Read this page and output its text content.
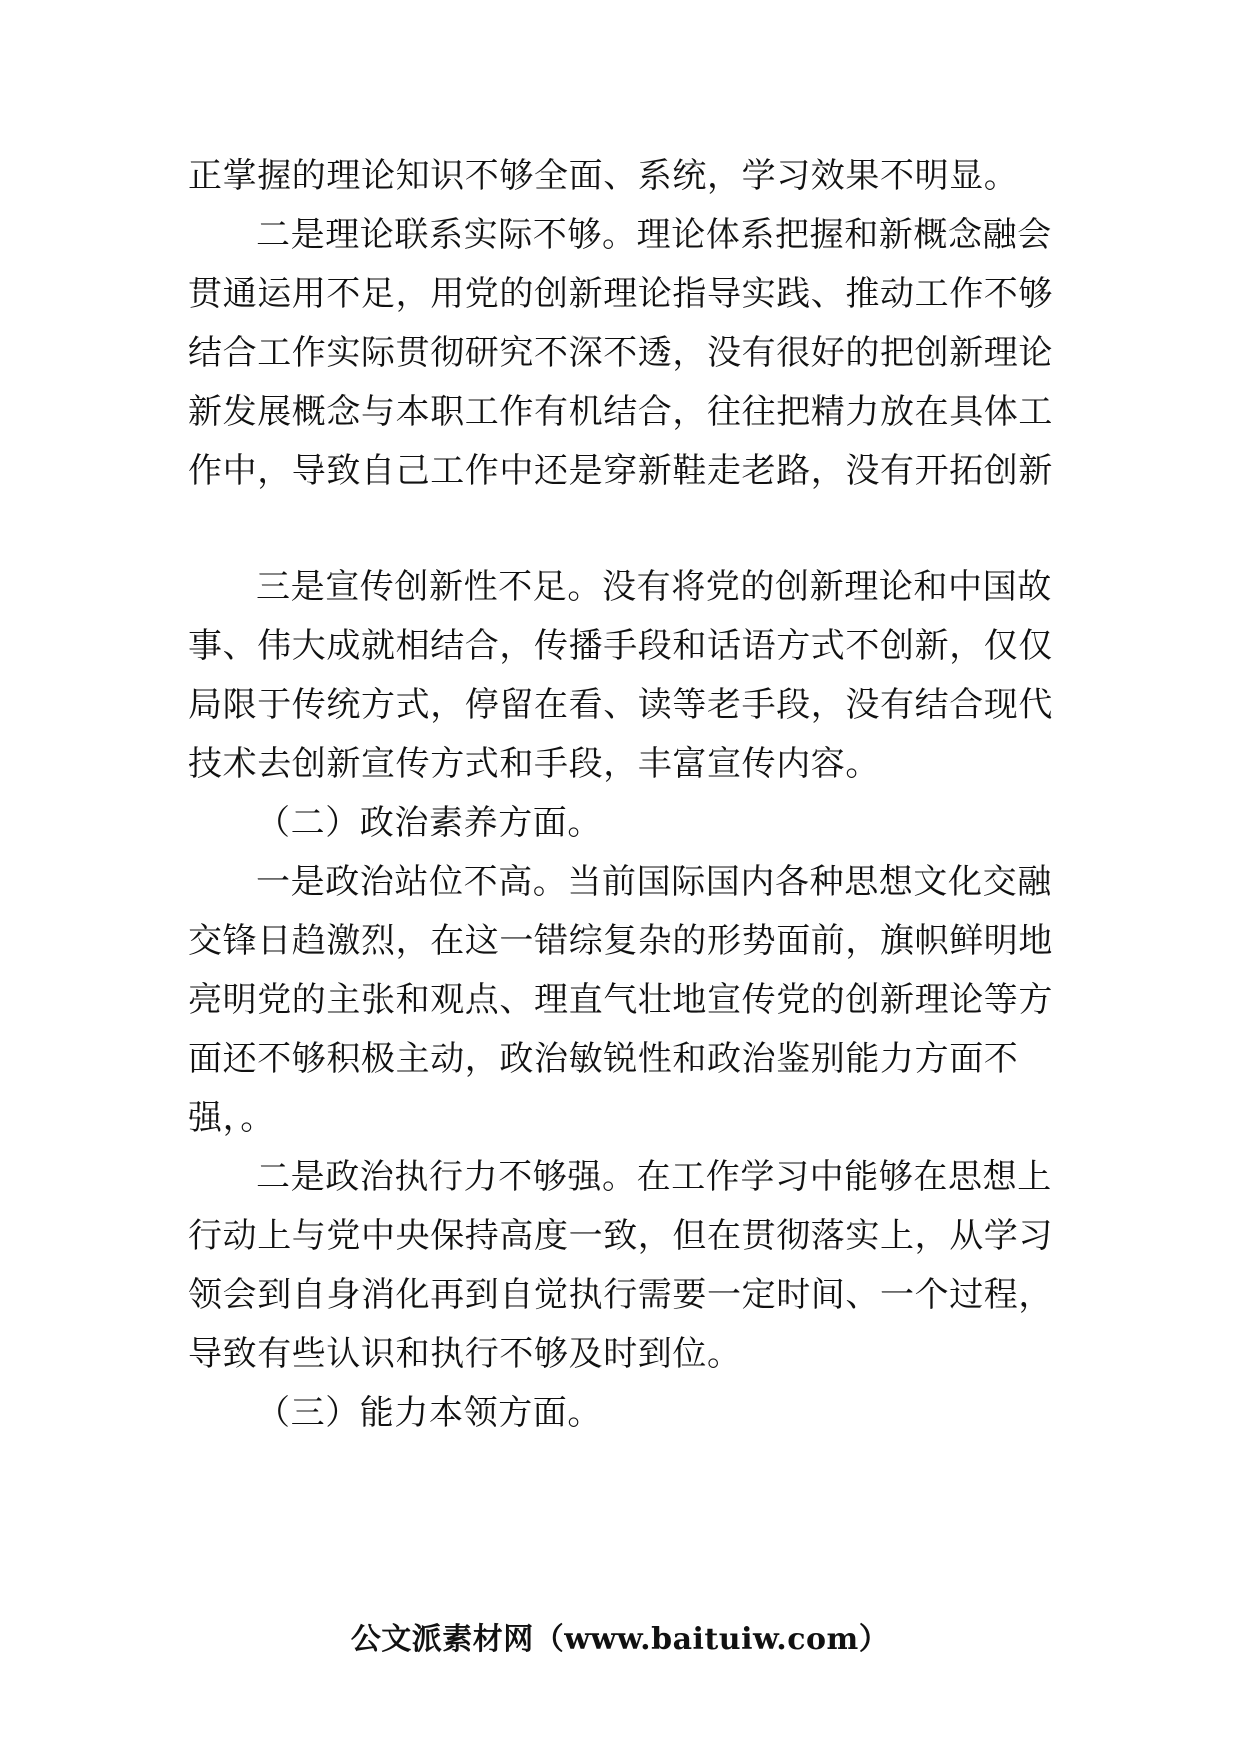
正掌握的理论知识不够全面、系统，学习效果不明显。
二是理论联系实际不够。理论体系把握和新概念融会
贯通运用不足，用党的创新理论指导实践、推动工作不够
结合工作实际贯彻研究不深不透，没有很好的把创新理论
新发展概念与本职工作有机结合，往往把精力放在具体工
作中，导致自己工作中还是穿新鞋走老路，没有开拓创新
三是宣传创新性不足。没有将党的创新理论和中国故
事、伟大成就相结合，传播手段和话语方式不创新，仅仅
局限于传统方式，停留在看、读等老手段，没有结合现代
技术去创新宣传方式和手段，丰富宣传内容。
（二）政治素养方面。
一是政治站位不高。当前国际国内各种思想文化交融
交锋日趋激烈，在这一错综复杂的形势面前，旗帜鲜明地
亮明党的主张和观点、理直气壮地宣传党的创新理论等方
面还不够积极主动，政治敏锐性和政治鉴别能力方面不
强，。
二是政治执行力不够强。在工作学习中能够在思想上
行动上与党中央保持高度一致，但在贯彻落实上，从学习
领会到自身消化再到自觉执行需要一定时间、一个过程，
导致有些认识和执行不够及时到位。
（三）能力本领方面。
公文派素材网（www.baituiw.com）
